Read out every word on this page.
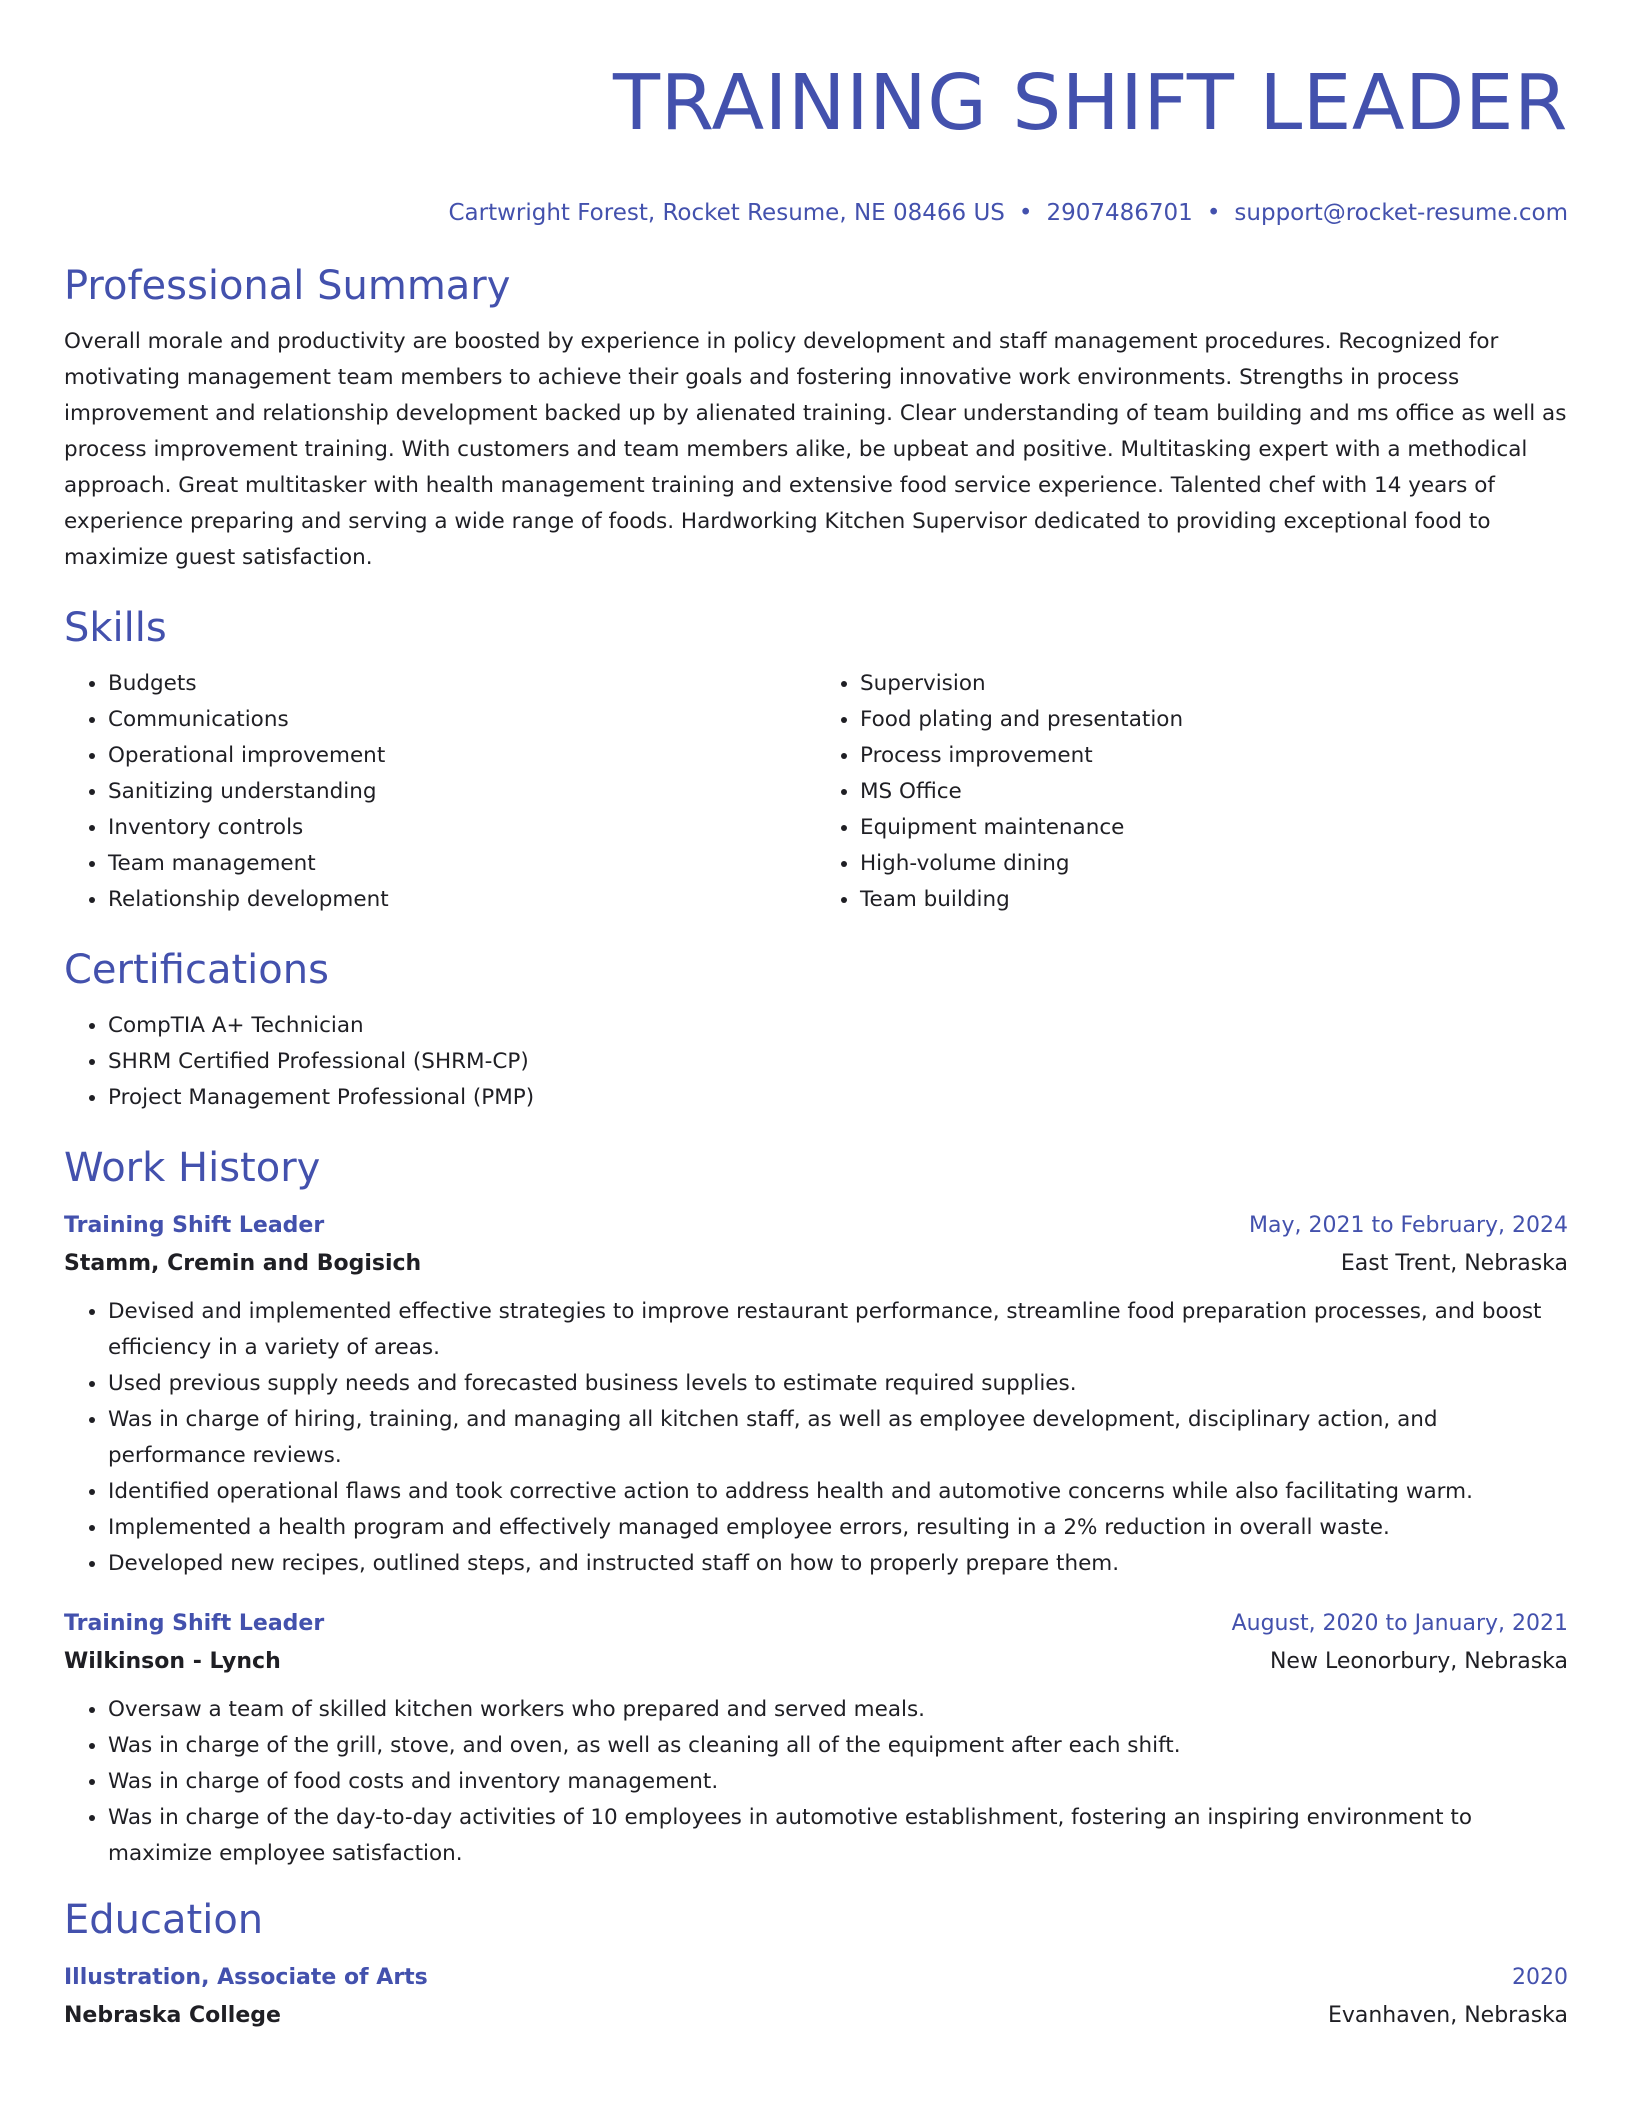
TRAINING SHIFT LEADER
Cartwright Forest, Rocket Resume, NE 08466 US • 2907486701 • support@rocket-resume.com
Professional Summary

Overall morale and productivity are boosted by experience in policy development and staff management procedures. Recognized for motivating management team members to achieve their goals and fostering innovative work environments. Strengths in process improvement and relationship development backed up by alienated training. Clear understanding of team building and ms office as well as process improvement training. With customers and team members alike, be upbeat and positive. Multitasking expert with a methodical approach. Great multitasker with health management training and extensive food service experience. Talented chef with 14 years of experience preparing and serving a wide range of foods. Hardworking Kitchen Supervisor dedicated to providing exceptional food to maximize guest satisfaction.

Skills
• Budgets
• Communications
• Operational improvement
• Sanitizing understanding
• Inventory controls
• Team management
• Relationship development
• Supervision
• Food plating and presentation
• Process improvement
• MS Office
• Equipment maintenance
• High-volume dining
• Team building
Certifications
• CompTIA A+ Technician
• SHRM Certified Professional (SHRM-CP)
• Project Management Professional (PMP)
Work History
Training Shift Leader	May, 2021 to February, 2024
Stamm, Cremin and Bogisich	East Trent, Nebraska
• Devised and implemented effective strategies to improve restaurant performance, streamline food preparation processes, and boost efficiency in a variety of areas.
• Used previous supply needs and forecasted business levels to estimate required supplies.
• Was in charge of hiring, training, and managing all kitchen staff, as well as employee development, disciplinary action, and performance reviews.
• Identified operational flaws and took corrective action to address health and automotive concerns while also facilitating warm.
• Implemented a health program and effectively managed employee errors, resulting in a 2% reduction in overall waste.
• Developed new recipes, outlined steps, and instructed staff on how to properly prepare them.
Training Shift Leader	August, 2020 to January, 2021
Wilkinson - Lynch	New Leonorbury, Nebraska
• Oversaw a team of skilled kitchen workers who prepared and served meals.
• Was in charge of the grill, stove, and oven, as well as cleaning all of the equipment after each shift.
• Was in charge of food costs and inventory management.
• Was in charge of the day-to-day activities of 10 employees in automotive establishment, fostering an inspiring environment to maximize employee satisfaction.
Education
Illustration, Associate of Arts	2020
Nebraska College	Evanhaven, Nebraska
